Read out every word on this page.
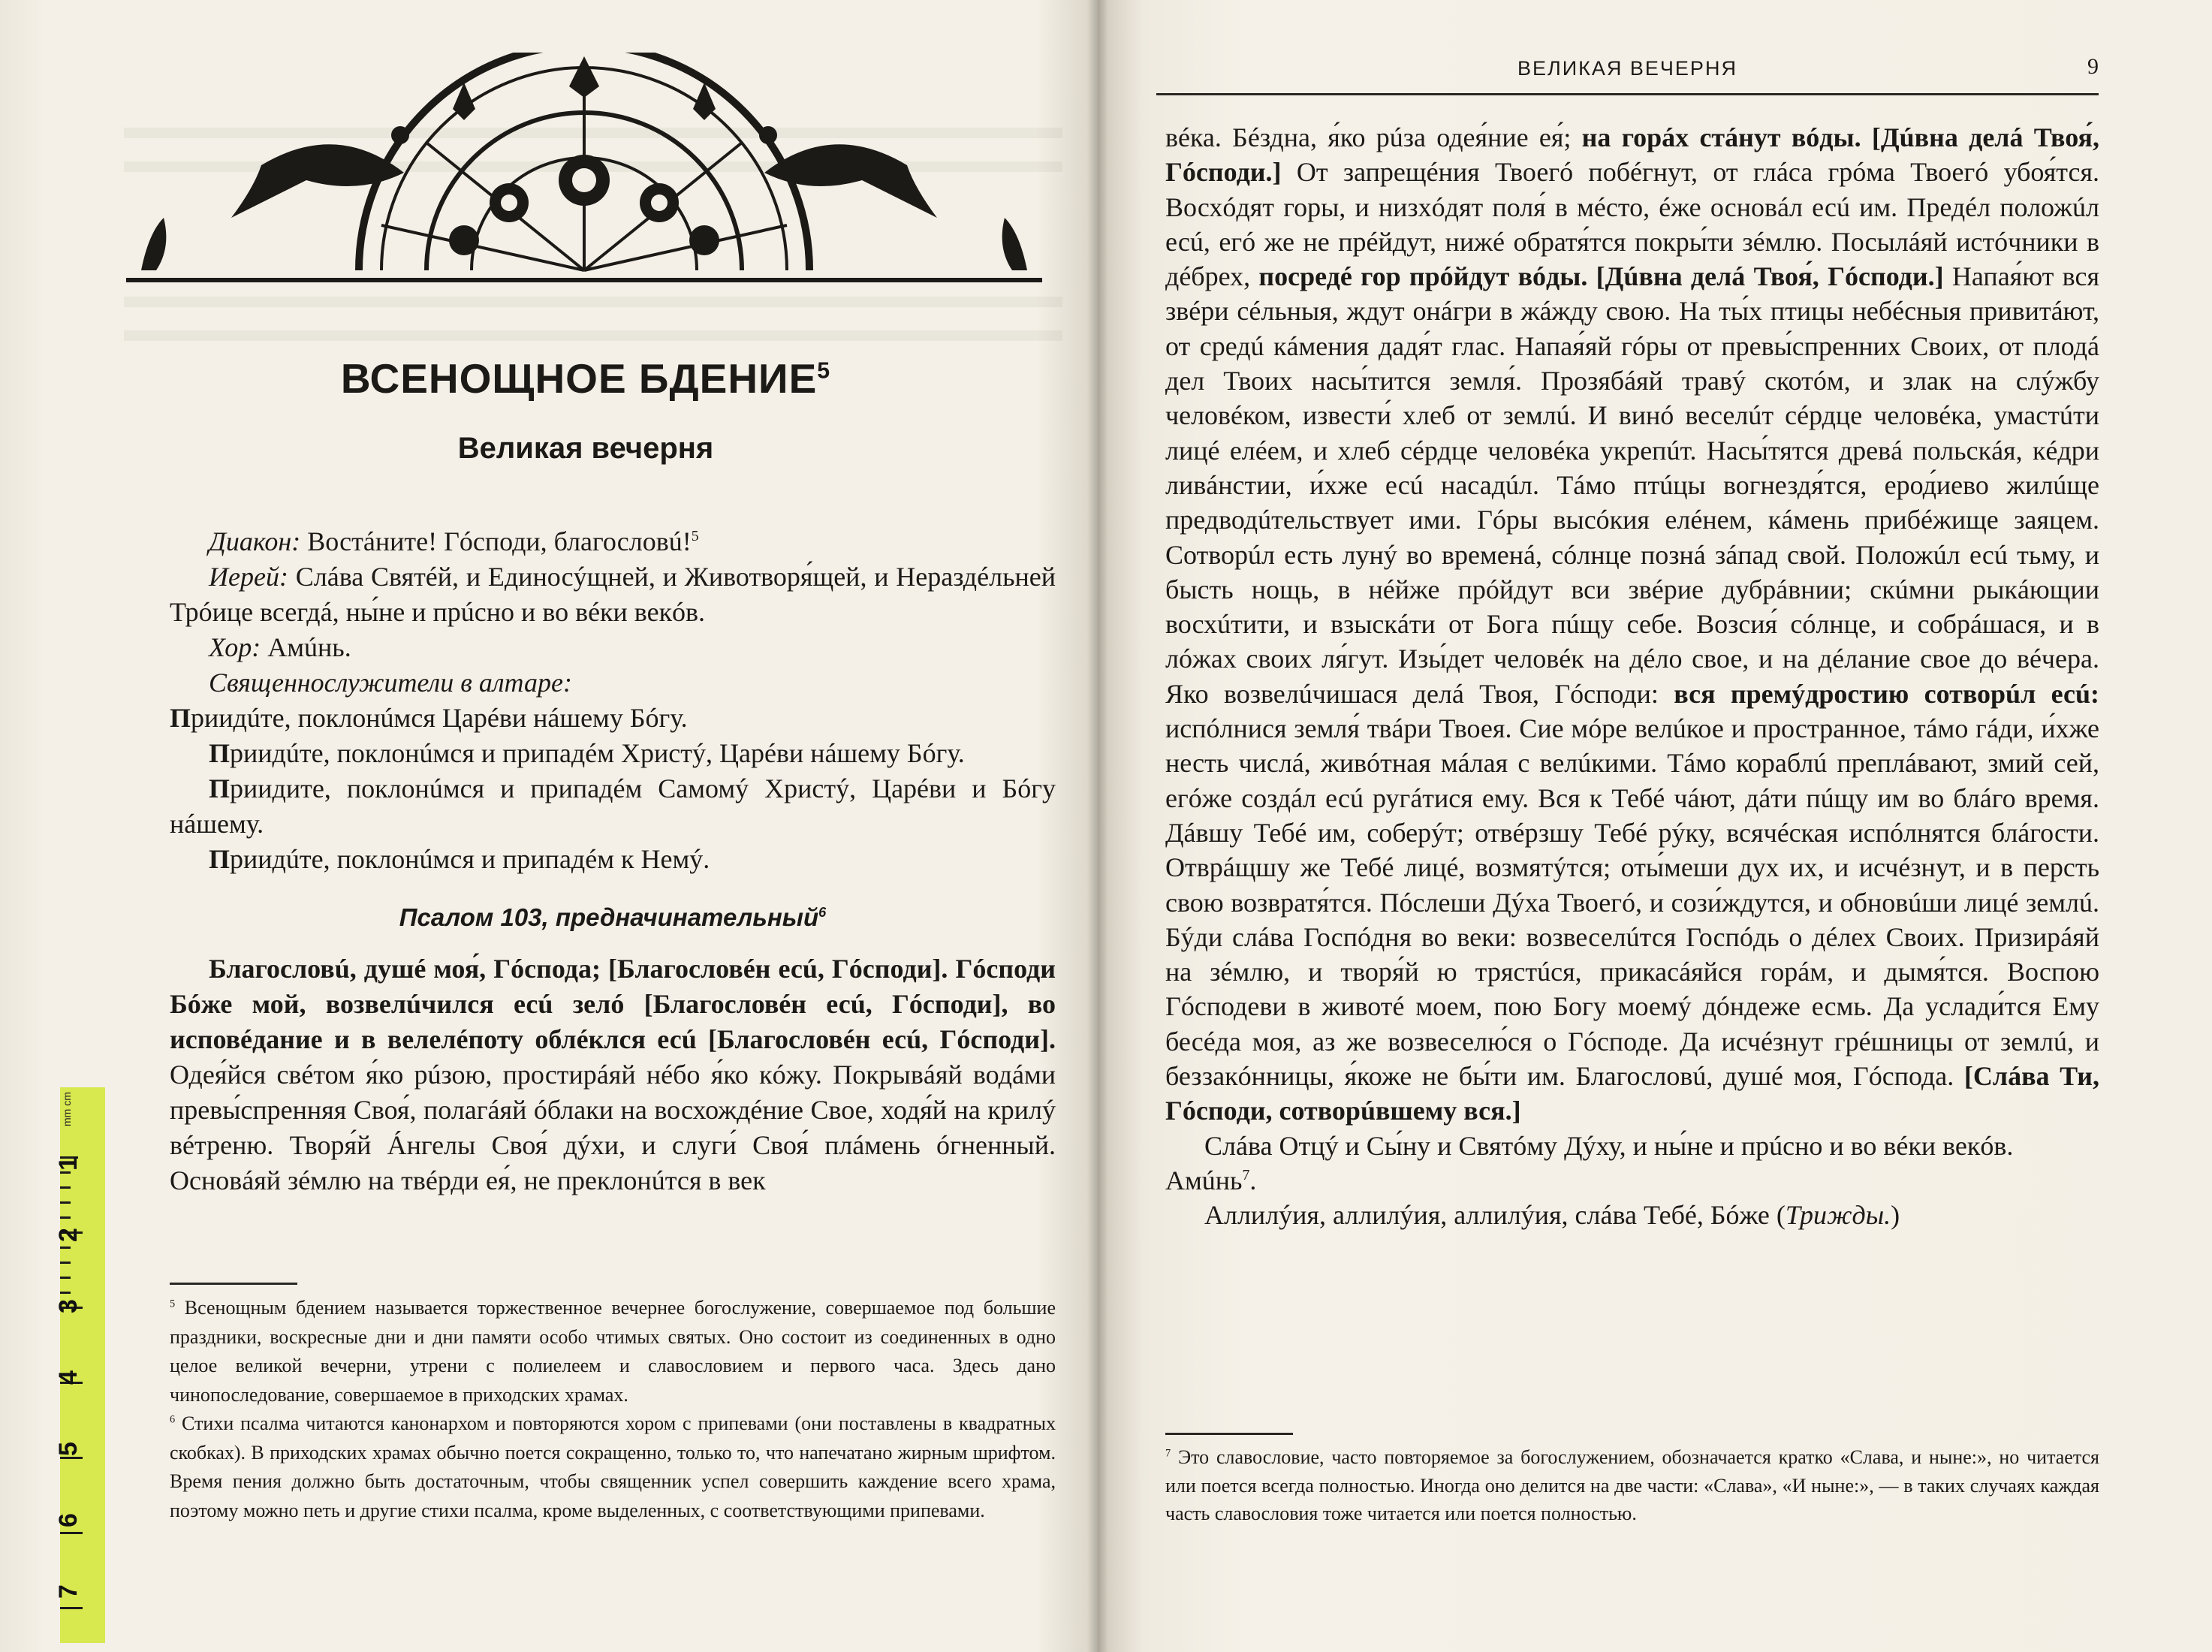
ВСЕНОЩНОЕ БДЕНИЕ$^5$
Великая вечерня

Диакон: Востáните! Гóсподи, благословú!$^5$

Иерей: Слáва Святéй, и Единосýщней, и Животворя́щей, и Нераздéльней Трóице всегдá, ны́не и прúсно и во вéки векóв.

Хор: Амúнь.

Священнослужители в алтаре:

Приидúте, поклонúмся Царéви нáшему Бóгу.

Приидúте, поклонúмся и припадéм Христý, Царéви нáшему Бóгу.

Приидите, поклонúмся и припадéм Самомý Христý, Царéви и Бóгу нáшему.

Приидúте, поклонúмся и припадéм к Немý.

Псалом 103, предначинательный$^6$

Благословú, душé моя́, Гóспода; [Благословéн есú, Гóсподи]. Гóсподи Бóже мой, возвелúчился есú зелó [Благословéн есú, Гóсподи], во исповéдание и в велелéпоту облéклся есú [Благословéн есú, Гóсподи]. Одея́йся свéтом я́ко рúзою, простирáяй нéбо я́ко кóжу. Покрывáяй водáми превы́спренняя Своя́, полагáяй óблаки на восхождéние Свое, ходя́й на крилý вéтреню. Творя́й Áнгелы Своя́ дýхи, и слуги́ Своя́ плáмень óгненный. Основáяй зéмлю на твéрди ея́, не преклонúтся в век

$^5$ Всенощным бдением называется торжественное вечернее богослужение, совершаемое под большие праздники, воскресные дни и дни памяти особо чтимых святых. Оно состоит из соединенных в одно целое великой вечерни, утрени с полиелеем и славословием и первого часа. Здесь дано чинопоследование, совершаемое в приходских храмах.

$^6$ Стихи псалма читаются канонархом и повторяются хором с припевами (они поставлены в квадратных скобках). В приходских храмах обычно поется сокращенно, только то, что напечатано жирным шрифтом. Время пения должно быть достаточным, чтобы священник успел совершить каждение всего храма, поэтому можно петь и другие стихи псалма, кроме выделенных, с соответствующими припевами.

mm cm
1
2
3
4
5
6
7
ВЕЛИКАЯ ВЕЧЕРНЯ	9

вéка. Бéздна, я́ко рúза одея́ние ея́; на горáх стáнут вóды. [Дúвна делá Твоя́, Гóсподи.] От запрещéния Твоегó побéгнут, от глáса грóма Твоегó убоя́тся. Восхóдят горы, и низхóдят поля́ в мéсто, éже основáл есú им. Предéл положúл есú, егó же не прéйдут, нижé обратя́тся покры́ти зéмлю. Посылáяй истóчники в дéбрех, посредé гор прóйдут вóды. [Дúвна делá Твоя́, Гóсподи.] Напая́ют вся звéри сéльныя, ждут онáгри в жáжду свою. На ты́х птицы небéсныя привитáют, от средú кáмения дадя́т глас. Напая́яй гóры от превы́спренних Своих, от плодá дел Твоих насы́тится земля́. Прозябáяй травý скотóм, и злак на слýжбу человéком, извести́ хлеб от землú. И винó веселúт сéрдце человéка, умастúти лицé елéем, и хлеб сéрдце человéка укрепúт. Насы́тятся древá польскáя, кéдри ливáнстии, и́хже есú насадúл. Тáмо птúцы вогнездя́тся, ерод́иево жилúще предводúтельствует ими. Гóры высóкия елéнем, кáмень прибéжище заяцем. Сотворúл есть лунý во временá, сóлнце познá зáпад свой. Положúл есú тьму, и бысть нощь, в нéйже прóйдут вси звéрие дубрáвнии; скúмни рыкáющии восхúтити, и взыскáти от Бога пúщу себе. Возсия́ сóлнце, и собрáшася, и в лóжах своих ля́гут. Изы́дет человéк на дéло свое, и на дéлание свое до вéчера. Яко возвелúчишася делá Твоя, Гóсподи: вся премýдростию сотворúл есú: испóлнися земля́ твáри Твоея. Сие мóре велúкое и пространное, тáмо гáди, и́хже несть числá, живóтная мáлая с велúкими. Тáмо кораблú преплáвают, змий сей, егóже создáл есú ругáтися ему. Вся к Тебé чáют, дáти пúщу им во блáго время. Дáвшу Тебé им, соберýт; отвéрзшу Тебé рýку, всячéская испóлнятся блáгости. Отврáщшу же Тебé лицé, возмятýтся; оты́меши дух их, и исчéзнут, и в персть свою возвратя́тся. Пóслеши Дýха Твоегó, и сози́ждутся, и обновúши лицé землú. Бýди слáва Госпóдня во веки: возвеселúтся Госпóдь о дéлех Своих. Призирáяй на зéмлю, и творя́й ю тряcтúся, прикасáяйся горáм, и дымя́тся. Воспою Гóсподеви в животé моем, пою Богу моемý дóндеже есмь. Да услади́тся Ему бесéда моя, аз же возвеселю́ся о Гóсподе. Да исчéзнут грéшницы от землú, и беззакóнницы, я́коже не бы́ти им. Благословú, душé моя, Гóспода. [Слáва Ти, Гóсподи, сотворúвшему вся.]

Слáва Отцý и Сы́ну и Святóму Дýху, и ны́не и прúсно и во вéки векóв. Амúнь$^7$.

Аллилýия, аллилýия, аллилýия, слáва Тебé, Бóже (Трижды.)

$^7$ Это славословие, часто повторяемое за богослужением, обозначается кратко «Слава, и ныне:», но читается или поется всегда полностью. Иногда оно делится на две части: «Слава», «И ныне:», — в таких случаях каждая часть славословия тоже читается или поется полностью.
